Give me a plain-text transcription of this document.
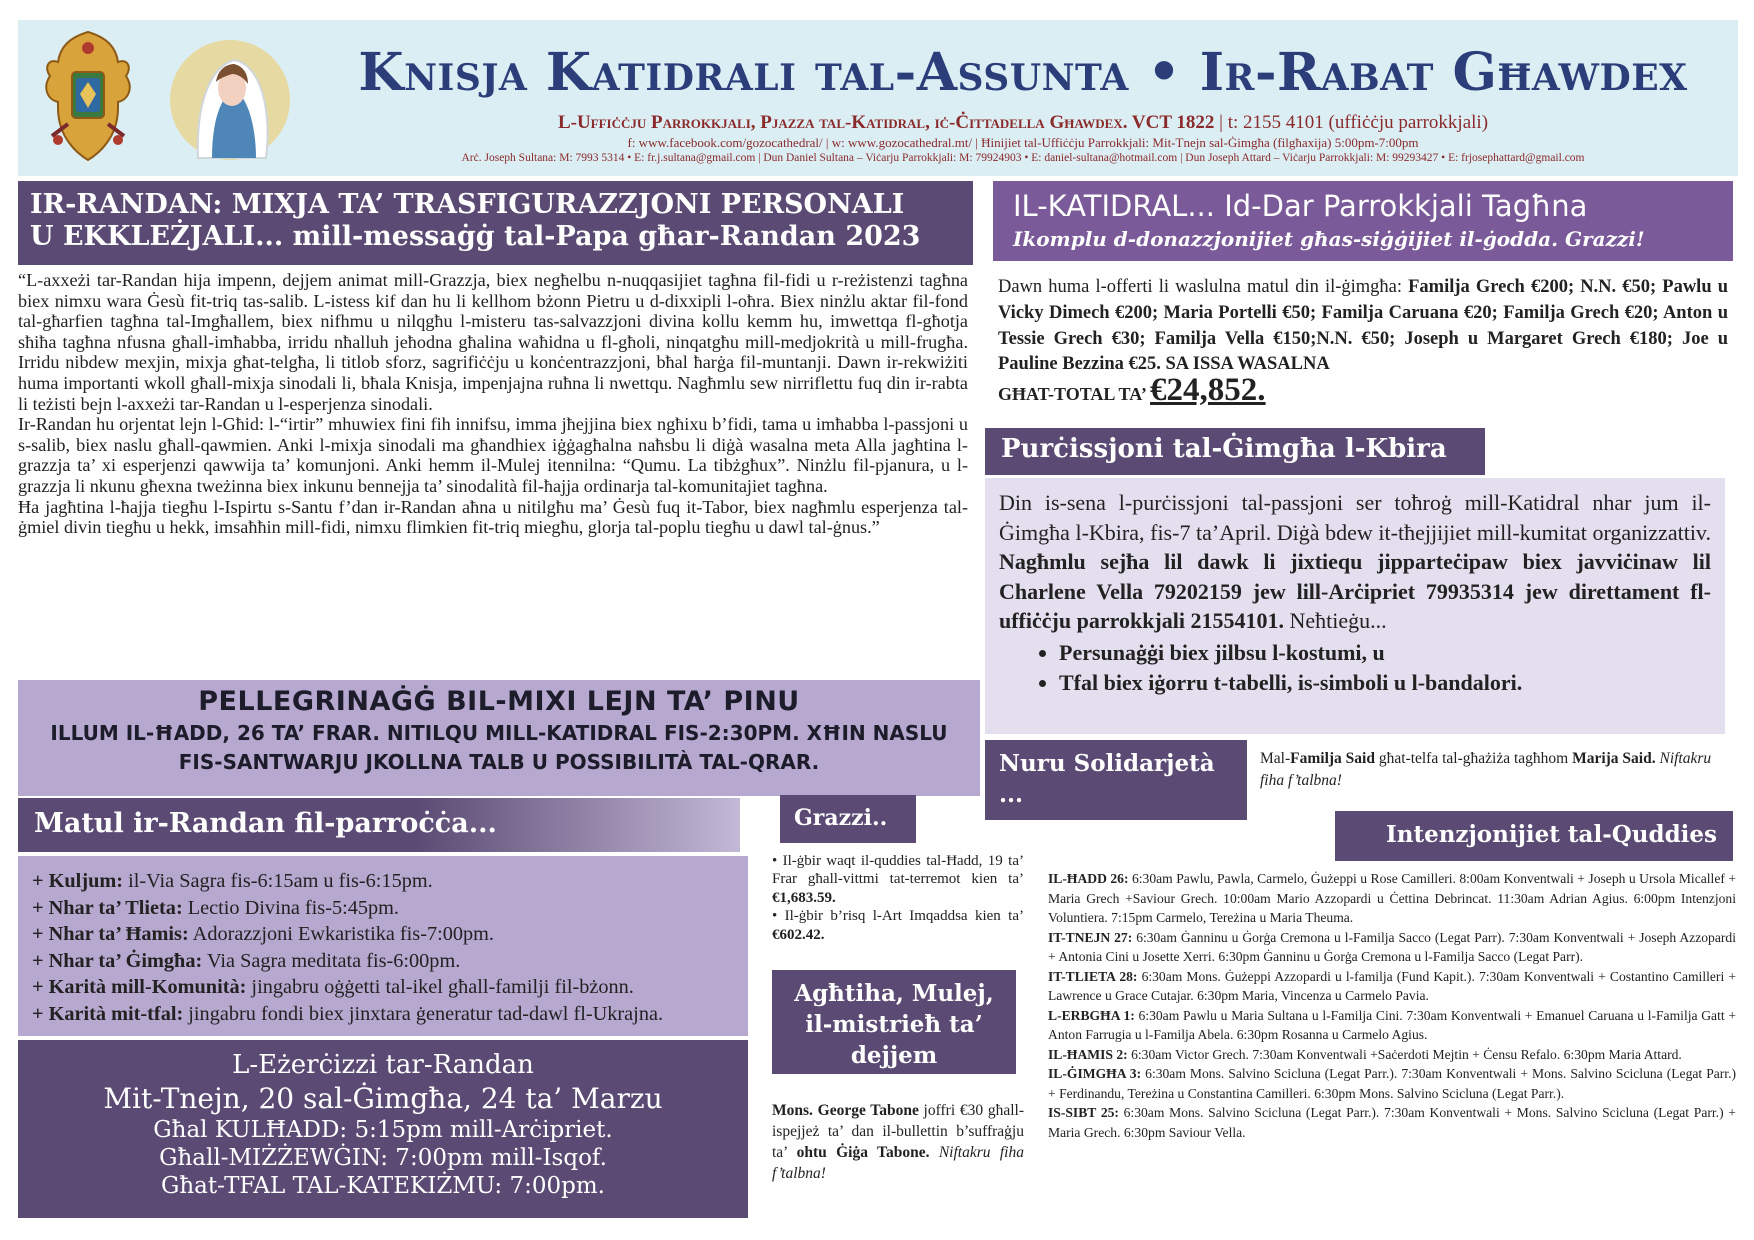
Knisja Katidrali tal-Assunta • Ir-Rabat Għawdex
L-Uffiċċju Parrokkjali, Pjazza tal-Katidral, iċ-Ċittadella Għawdex. VCT 1822 | t: 2155 4101 (uffiċċju parrokkjali)
f: www.facebook.com/gozocathedral/ | w: www.gozocathedral.mt/ | Ħinijiet tal-Uffiċċju Parrokkjali: Mit-Tnejn sal-Ġimgħa (filgħaxija) 5:00pm-7:00pm
Arċ. Joseph Sultana: M: 7993 5314 • E: fr.j.sultana@gmail.com | Dun Daniel Sultana – Viċarju Parrokkjali: M: 79924903 • E: daniel-sultana@hotmail.com | Dun Joseph Attard – Viċarju Parrokkjali: M: 99293427 • E: frjosephattard@gmail.com
IR-RANDAN: MIXJA TA’ TRASFIGURAZZJONI PERSONALI
U EKKLEŻJALI... mill-messaġġ tal-Papa għar-Randan 2023

“L-axxeżi tar-Randan hija impenn, dejjem animat mill-Grazzja, biex negħelbu n-nuqqasijiet tagħna fil-fidi u r-reżistenzi tagħna biex nimxu wara Ġesù fit-triq tas-salib. L-istess kif dan hu li kellhom bżonn Pietru u d-dixxipli l-oħra. Biex ninżlu aktar fil-fond tal-għarfien tagħna tal-Imgħallem, biex nifhmu u nilqgħu l-misteru tas-salvazzjoni divina kollu kemm hu, imwettqa fl-għotja sħiħa tagħna nfusna għall-imħabba, irridu nħalluh jeħodna għalina waħidna u fl-għoli, ninqatgħu mill-medjokrità u mill-frugħa. Irridu nibdew mexjin, mixja għat-telgħa, li titlob sforz, sagrifiċċju u konċentrazzjoni, bħal ħarġa fil-muntanji. Dawn ir-rekwiżiti huma importanti wkoll għall-mixja sinodali li, bħala Knisja, impenjajna ruħna li nwettqu. Nagħmlu sew nirriflettu fuq din ir-rabta li teżisti bejn l-axxeżi tar-Randan u l-esperjenza sinodali.

Ir-Randan hu orjentat lejn l-Għid: l-“irtir” mhuwiex fini fih innifsu, imma jħejjina biex ngħixu b’fidi, tama u imħabba l-passjoni u s-salib, biex naslu għall-qawmien. Anki l-mixja sinodali ma għandhiex iġġagħalna naħsbu li diġà wasalna meta Alla jagħtina l-grazzja ta’ xi esperjenzi qawwija ta’ komunjoni. Anki hemm il-Mulej itennilna: “Qumu. La tibżgħux”. Ninżlu fil-pjanura, u l-grazzja li nkunu għexna tweżinna biex inkunu bennejja ta’ sinodalità fil-ħajja ordinarja tal-komunitajiet tagħna.

Ħa jagħtina l-ħajja tiegħu l-Ispirtu s-Santu f’dan ir-Randan aħna u nitilgħu ma’ Ġesù fuq it-Tabor, biex nagħmlu esperjenza tal-ġmiel divin tiegħu u hekk, imsaħħin mill-fidi, nimxu flimkien fit-triq miegħu, glorja tal-poplu tiegħu u dawl tal-ġnus.”

IL-KATIDRAL... Id-Dar Parrokkjali Tagħna
Ikomplu d-donazzjonijiet għas-siġġijiet il-ġodda. Grazzi!
Dawn huma l-offerti li waslulna matul din il-ġimgħa: Familja Grech €200; N.N. €50; Pawlu u Vicky Dimech €200; Maria Portelli €50; Familja Caruana €20; Familja Grech €20; Anton u Tessie Grech €30; Familja Vella €150;N.N. €50; Joseph u Margaret Grech €180; Joe u Pauline Bezzina €25. SA ISSA WASALNA
GĦAT-TOTAL TA’ €24,852.
Purċissjoni tal-Ġimgħa l-Kbira
Din is-sena l-purċissjoni tal-passjoni ser toħroġ mill-Katidral nhar jum il-Ġimgħa l-Kbira, fis-7 ta’April. Diġà bdew it-tħejjijiet mill-kumitat organizzattiv. Nagħmlu sejħa lil dawk li jixtiequ jipparteċipaw biex javviċinaw lil Charlene Vella 79202159 jew lill-Arċipriet 79935314 jew direttament fl-uffiċċju parrokkjali 21554101. Neħtieġu...
• Persunaġġi biex jilbsu l-kostumi, u
• Tfal biex iġorru t-tabelli, is-simboli u l-bandalori.
PELLEGRINAĠĠ BIL-MIXI LEJN TA’ PINU
ILLUM IL-ĦADD, 26 TA’ FRAR. NITILQU MILL-KATIDRAL FIS-2:30PM. XĦIN NASLU
FIS-SANTWARJU JKOLLNA TALB U POSSIBILITÀ TAL-QRAR.
Matul ir-Randan fil-parroċċa...
+ Kuljum: il-Via Sagra fis-6:15am u fis-6:15pm.
+ Nhar ta’ Tlieta: Lectio Divina fis-5:45pm.
+ Nhar ta’ Ħamis: Adorazzjoni Ewkaristika fis-7:00pm.
+ Nhar ta’ Ġimgħa: Via Sagra meditata fis-6:00pm.
+ Karità mill-Komunità: jingabru oġġetti tal-ikel għall-familji fil-bżonn.
+ Karità mit-tfal: jingabru fondi biex jinxtara ġeneratur tad-dawl fl-Ukrajna.
L-Eżerċizzi tar-Randan
Mit-Tnejn, 20 sal-Ġimgħa, 24 ta’ Marzu
Għal KULĦADD: 5:15pm mill-Arċipriet.
Għall-MIŻŻEWĠIN: 7:00pm mill-Isqof.
Għat-TFAL TAL-KATEKIŻMU: 7:00pm.
Grazzi..
• Il-ġbir waqt il-quddies tal-Ħadd, 19 ta’ Frar għall-vittmi tat-terremot kien ta’ €1,683.59.
• Il-ġbir b’risq l-Art Imqaddsa kien ta’ €602.42.
Agħtiha, Mulej, il-mistrieħ ta’ dejjem
Mons. George Tabone joffri €30 għall-ispejjeż ta’ dan il-bullettin b’suffraġju ta’ ohtu Ġiġa Tabone. Niftakru fiha f’talbna!
Nuru Solidarjetà ...
Mal-Familja Said għat-telfa tal-għażiża tagħhom Marija Said. Niftakru fiha f’talbna!
Intenzjonijiet tal-Quddies

IL-ĦADD 26: 6:30am Pawlu, Pawla, Carmelo, Ġużeppi u Rose Camilleri. 8:00am Konventwali + Joseph u Ursola Micallef + Maria Grech +Saviour Grech. 10:00am Mario Azzopardi u Ċettina Debrincat. 11:30am Adrian Agius. 6:00pm Intenzjoni Voluntiera. 7:15pm Carmelo, Tereżina u Maria Theuma.

IT-TNEJN 27: 6:30am Ġanninu u Ġorġa Cremona u l-Familja Sacco (Legat Parr). 7:30am Konventwali + Joseph Azzopardi + Antonia Cini u Josette Xerri. 6:30pm Ġanninu u Ġorġa Cremona u l-Familja Sacco (Legat Parr).

IT-TLIETA 28: 6:30am Mons. Ġużeppi Azzopardi u l-familja (Fund Kapit.). 7:30am Konventwali + Costantino Camilleri + Lawrence u Grace Cutajar. 6:30pm Maria, Vincenza u Carmelo Pavia.

L-ERBGĦA 1: 6:30am Pawlu u Maria Sultana u l-Familja Cini. 7:30am Konventwali + Emanuel Caruana u l-Familja Gatt + Anton Farrugia u l-Familja Abela. 6:30pm Rosanna u Carmelo Agius.

IL-ĦAMIS 2: 6:30am Victor Grech. 7:30am Konventwali +Saċerdoti Mejtin + Ċensu Refalo. 6:30pm Maria Attard.

IL-ĠIMGĦA 3: 6:30am Mons. Salvino Scicluna (Legat Parr.). 7:30am Konventwali + Mons. Salvino Scicluna (Legat Parr.) + Ferdinandu, Tereżina u Constantina Camilleri. 6:30pm Mons. Salvino Scicluna (Legat Parr.).

IS-SIBT 25: 6:30am Mons. Salvino Scicluna (Legat Parr.). 7:30am Konventwali + Mons. Salvino Scicluna (Legat Parr.) + Maria Grech. 6:30pm Saviour Vella.
